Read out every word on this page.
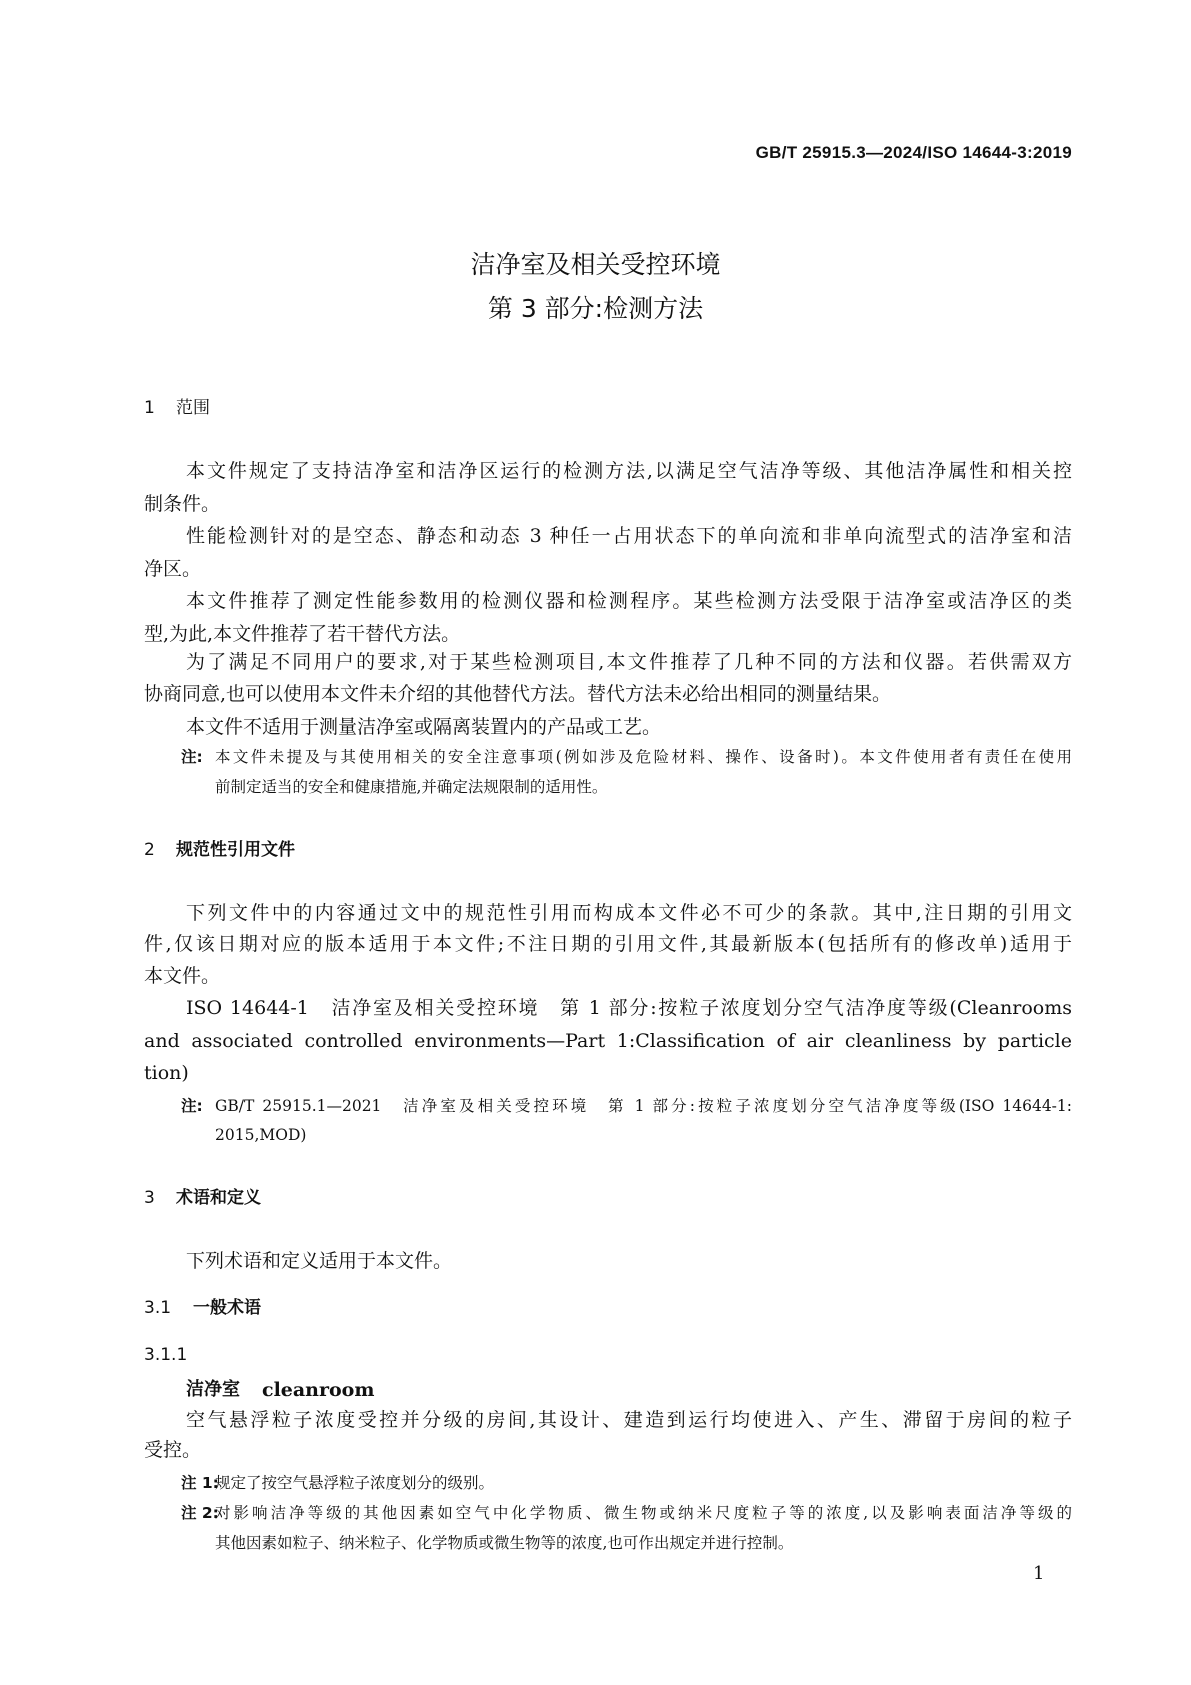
GB/T 25915.3—2024/ISO 14644-3:2019
洁净室及相关受控环境
第 3 部分:检测方法
1 范围
本文件规定了支持洁净室和洁净区运行的检测方法,以满足空气洁净等级、其他洁净属性和相关控
制条件。
性能检测针对的是空态、静态和动态 3 种任一占用状态下的单向流和非单向流型式的洁净室和洁
净区。
本文件推荐了测定性能参数用的检测仪器和检测程序。某些检测方法受限于洁净室或洁净区的类
型,为此,本文件推荐了若干替代方法。
为了满足不同用户的要求,对于某些检测项目,本文件推荐了几种不同的方法和仪器。若供需双方
协商同意,也可以使用本文件未介绍的其他替代方法。替代方法未必给出相同的测量结果。
本文件不适用于测量洁净室或隔离装置内的产品或工艺。
注: 本文件未提及与其使用相关的安全注意事项(例如涉及危险材料、操作、设备时)。本文件使用者有责任在使用
前制定适当的安全和健康措施,并确定法规限制的适用性。
2 规范性引用文件
下列文件中的内容通过文中的规范性引用而构成本文件必不可少的条款。其中,注日期的引用文
件,仅该日期对应的版本适用于本文件;不注日期的引用文件,其最新版本(包括所有的修改单)适用于
本文件。
ISO 14644-1　洁净室及相关受控环境　第 1 部分:按粒子浓度划分空气洁净度等级(Cleanrooms
and associated controlled environments—Part 1:Classification of air cleanliness by particle
tion)
注: GB/T 25915.1—2021　洁净室及相关受控环境　第 1 部分:按粒子浓度划分空气洁净度等级(ISO 14644-1:
2015,MOD)
3 术语和定义
下列术语和定义适用于本文件。
3.1 一般术语
3.1.1
洁净室 cleanroom
空气悬浮粒子浓度受控并分级的房间,其设计、建造到运行均使进入、产生、滞留于房间的粒子
受控。
注 1:
规定了按空气悬浮粒子浓度划分的级别。
注 2:
对影响洁净等级的其他因素如空气中化学物质、微生物或纳米尺度粒子等的浓度,以及影响表面洁净等级的
其他因素如粒子、纳米粒子、化学物质或微生物等的浓度,也可作出规定并进行控制。
1
